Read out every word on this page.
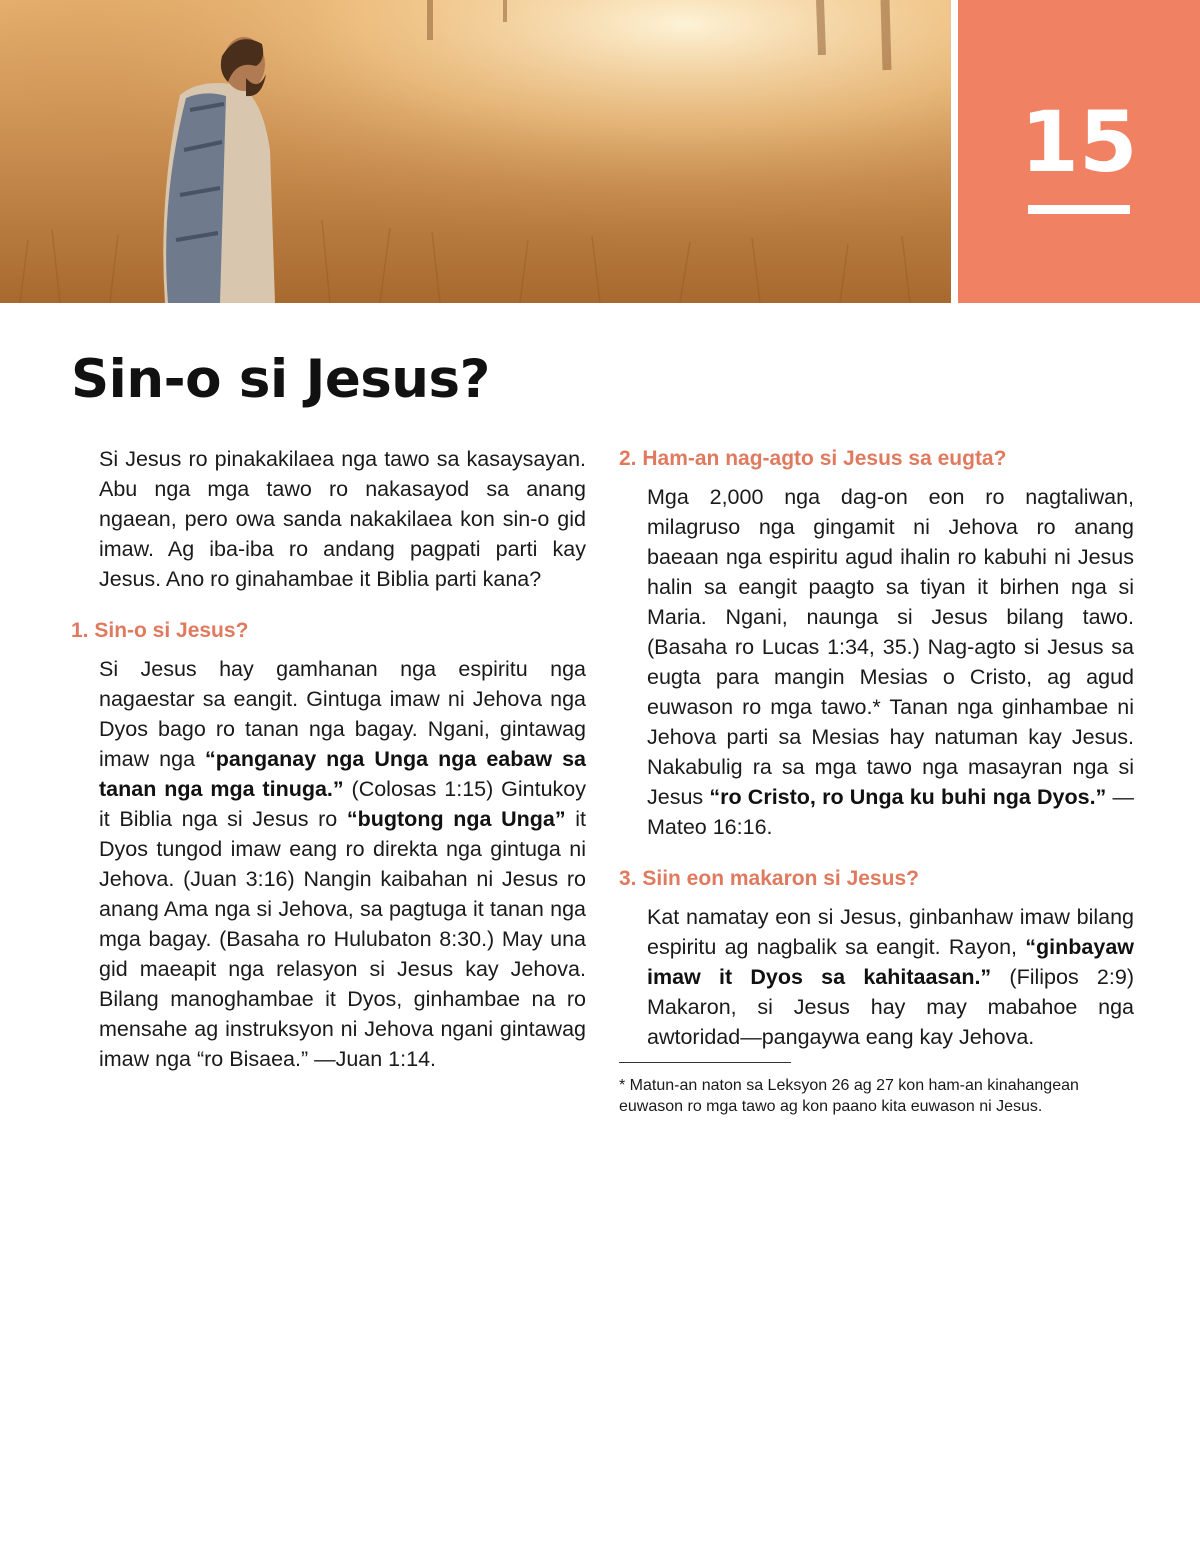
15
Sin-o si Jesus?

Si Jesus ro pinakakilaea nga tawo sa kasaysayan. Abu nga mga tawo ro nakasayod sa anang ngaean, pero owa sanda nakakilaea kon sin-o gid imaw. Ag iba-iba ro andang pagpati parti kay Jesus. Ano ro ginahambae it Biblia parti kana?

1. Sin-o si Jesus?

Si Jesus hay gamhanan nga espiritu nga nagaestar sa eangit. Gintuga imaw ni Jehova nga Dyos bago ro tanan nga bagay. Ngani, gintawag imaw nga “panganay nga Unga nga eabaw sa tanan nga mga tinuga.” (Colosas 1:15) Gintukoy it Biblia nga si Jesus ro “bugtong nga Unga” it Dyos tungod imaw eang ro direkta nga gintuga ni Jehova. (Juan 3:16) Nangin kaibahan ni Jesus ro anang Ama nga si Jehova, sa pagtuga it tanan nga mga bagay. (Basaha ro Hulubaton 8:30.) May una gid maeapit nga relasyon si Jesus kay Jehova. Bilang manoghambae it Dyos, ginhambae na ro mensahe ag instruksyon ni Jehova ngani gintawag imaw nga “ro Bisaea.” —Juan 1:14.

2. Ham-an nag-agto si Jesus sa eugta?

Mga 2,000 nga dag-on eon ro nagtaliwan, milagruso nga gingamit ni Jehova ro anang baeaan nga espiritu agud ihalin ro kabuhi ni Jesus halin sa eangit paagto sa tiyan it birhen nga si Maria. Ngani, naunga si Jesus bilang tawo. (Basaha ro Lucas 1:34, 35.) Nag-agto si Jesus sa eugta para mangin Mesias o Cristo, ag agud euwason ro mga tawo.* Tanan nga ginhambae ni Jehova parti sa Mesias hay natuman kay Jesus. Nakabulig ra sa mga tawo nga masayran nga si Jesus “ro Cristo, ro Unga ku buhi nga Dyos.” —Mateo 16:16.

3. Siin eon makaron si Jesus?

Kat namatay eon si Jesus, ginbanhaw imaw bilang espiritu ag nagbalik sa eangit. Rayon, “ginbayaw imaw it Dyos sa kahitaasan.” (Filipos 2:9) Makaron, si Jesus hay may mabahoe nga awtoridad—pangaywa eang kay Jehova.

* Matun-an naton sa Leksyon 26 ag 27 kon ham-an kinahangean euwason ro mga tawo ag kon paano kita euwason ni Jesus.
